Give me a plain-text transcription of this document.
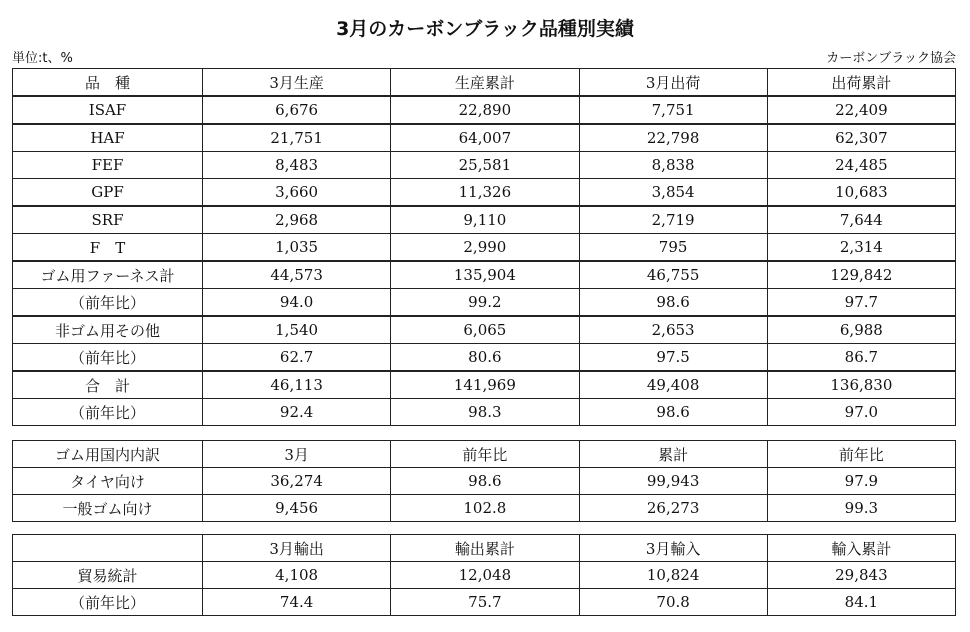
3月のカーボンブラック品種別実績
単位:t、%	カーボンブラック協会
品　種	3月生産	生産累計	3月出荷	出荷累計
ISAF	6,676	22,890	7,751	22,409
HAF	21,751	64,007	22,798	62,307
FEF	8,483	25,581	8,838	24,485
GPF	3,660	11,326	3,854	10,683
SRF	2,968	9,110	2,719	7,644
F　T	1,035	2,990	795	2,314
ゴム用ファーネス計	44,573	135,904	46,755	129,842
（前年比）	94.0	99.2	98.6	97.7
非ゴム用その他	1,540	6,065	2,653	6,988
（前年比）	62.7	80.6	97.5	86.7
合　計	46,113	141,969	49,408	136,830
（前年比）	92.4	98.3	98.6	97.0
ゴム用国内内訳	3月	前年比	累計	前年比
タイヤ向け	36,274	98.6	99,943	97.9
一般ゴム向け	9,456	102.8	26,273	99.3
	3月輸出	輸出累計	3月輸入	輸入累計
貿易統計	4,108	12,048	10,824	29,843
（前年比）	74.4	75.7	70.8	84.1
